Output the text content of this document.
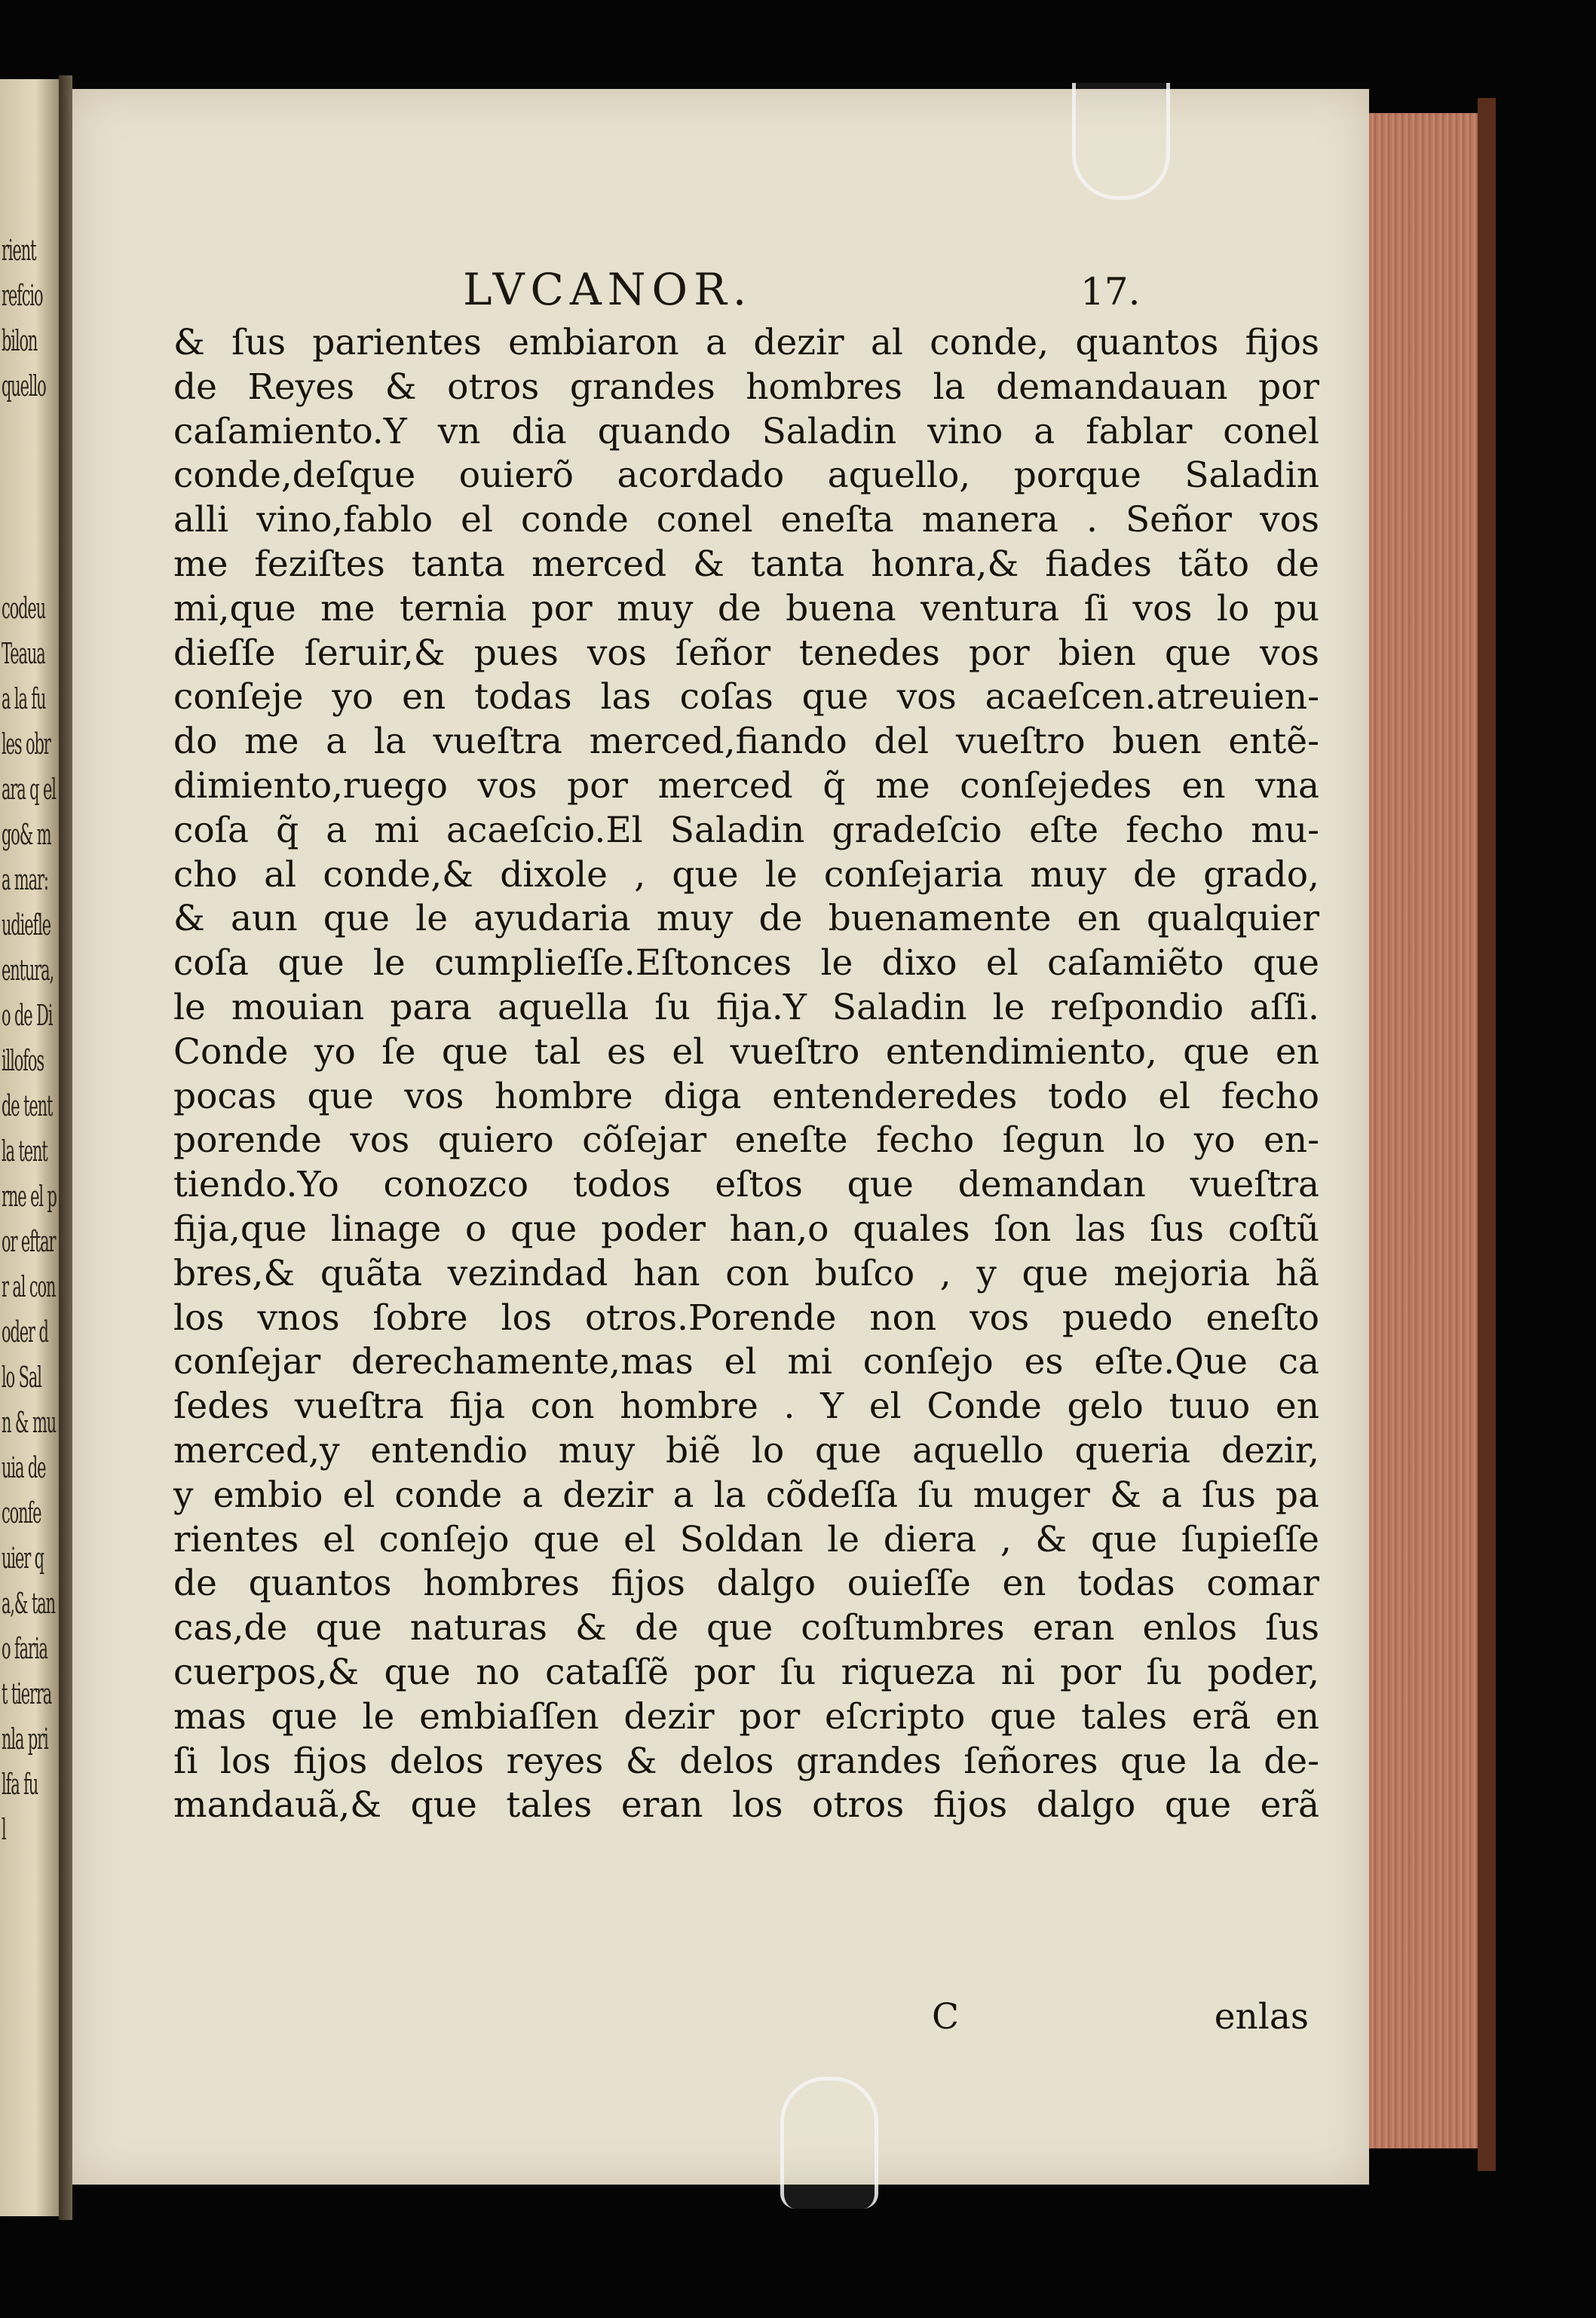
rient
refcio
bilon
quello
codeu
Teaua
a la fu
les obr
ara q el
go& m
a mar:
udiefle
entura,
o de Di
illofos
de tent
la tent
rne el p
or eftar
r al con
oder d
lo Sal
n & mu
uia de
confe
uier q
a,& tan
o faria
t tierra
nla pri
lfa fu
l
LVCANOR.	17.
& ſus parientes embiaron a dezir al conde, quantos fijos
de Reyes & otros grandes hombres la demandauan por
caſamiento.Y vn dia quando Saladin vino a fablar conel
conde,deſque ouierõ acordado aquello, porque Saladin
alli vino,fablo el conde conel eneſta manera . Señor vos
me feziſtes tanta merced & tanta honra,& fiades tãto de
mi,que me ternia por muy de buena ventura ſi vos lo pu
dieſſe ſeruir,& pues vos ſeñor tenedes por bien que vos
conſeje yo en todas las coſas que vos acaeſcen.atreuien-
do me a la vueſtra merced,fiando del vueſtro buen entẽ-
dimiento,ruego vos por merced q̃ me conſejedes en vna
coſa q̃ a mi acaeſcio.El Saladin gradeſcio eſte fecho mu-
cho al conde,& dixole , que le conſejaria muy de grado,
& aun que le ayudaria muy de buenamente en qualquier
coſa que le cumplieſſe.Eſtonces le dixo el caſamiẽto que
le mouian para aquella ſu fija.Y Saladin le reſpondio aſſi.
Conde yo ſe que tal es el vueſtro entendimiento, que en
pocas que vos hombre diga entenderedes todo el fecho
porende vos quiero cõſejar eneſte fecho ſegun lo yo en-
tiendo.Yo conozco todos eſtos que demandan vueſtra
fija,que linage o que poder han,o quales ſon las ſus coſtũ
bres,& quãta vezindad han con buſco , y que mejoria hã
los vnos ſobre los otros.Porende non vos puedo eneſto
conſejar derechamente,mas el mi conſejo es eſte.Que ca
ſedes vueſtra fija con hombre . Y el Conde gelo tuuo en
merced,y entendio muy biẽ lo que aquello queria dezir,
y embio el conde a dezir a la cõdeſſa ſu muger & a ſus pa
rientes el conſejo que el Soldan le diera , & que ſupieſſe
de quantos hombres fijos dalgo ouieſſe en todas comar
cas,de que naturas & de que coſtumbres eran enlos ſus
cuerpos,& que no cataſſẽ por ſu riqueza ni por ſu poder,
mas que le embiaſſen dezir por eſcripto que tales erã en
ſi los fijos delos reyes & delos grandes ſeñores que la de-
mandauã,& que tales eran los otros fijos dalgo que erã
C	enlas
